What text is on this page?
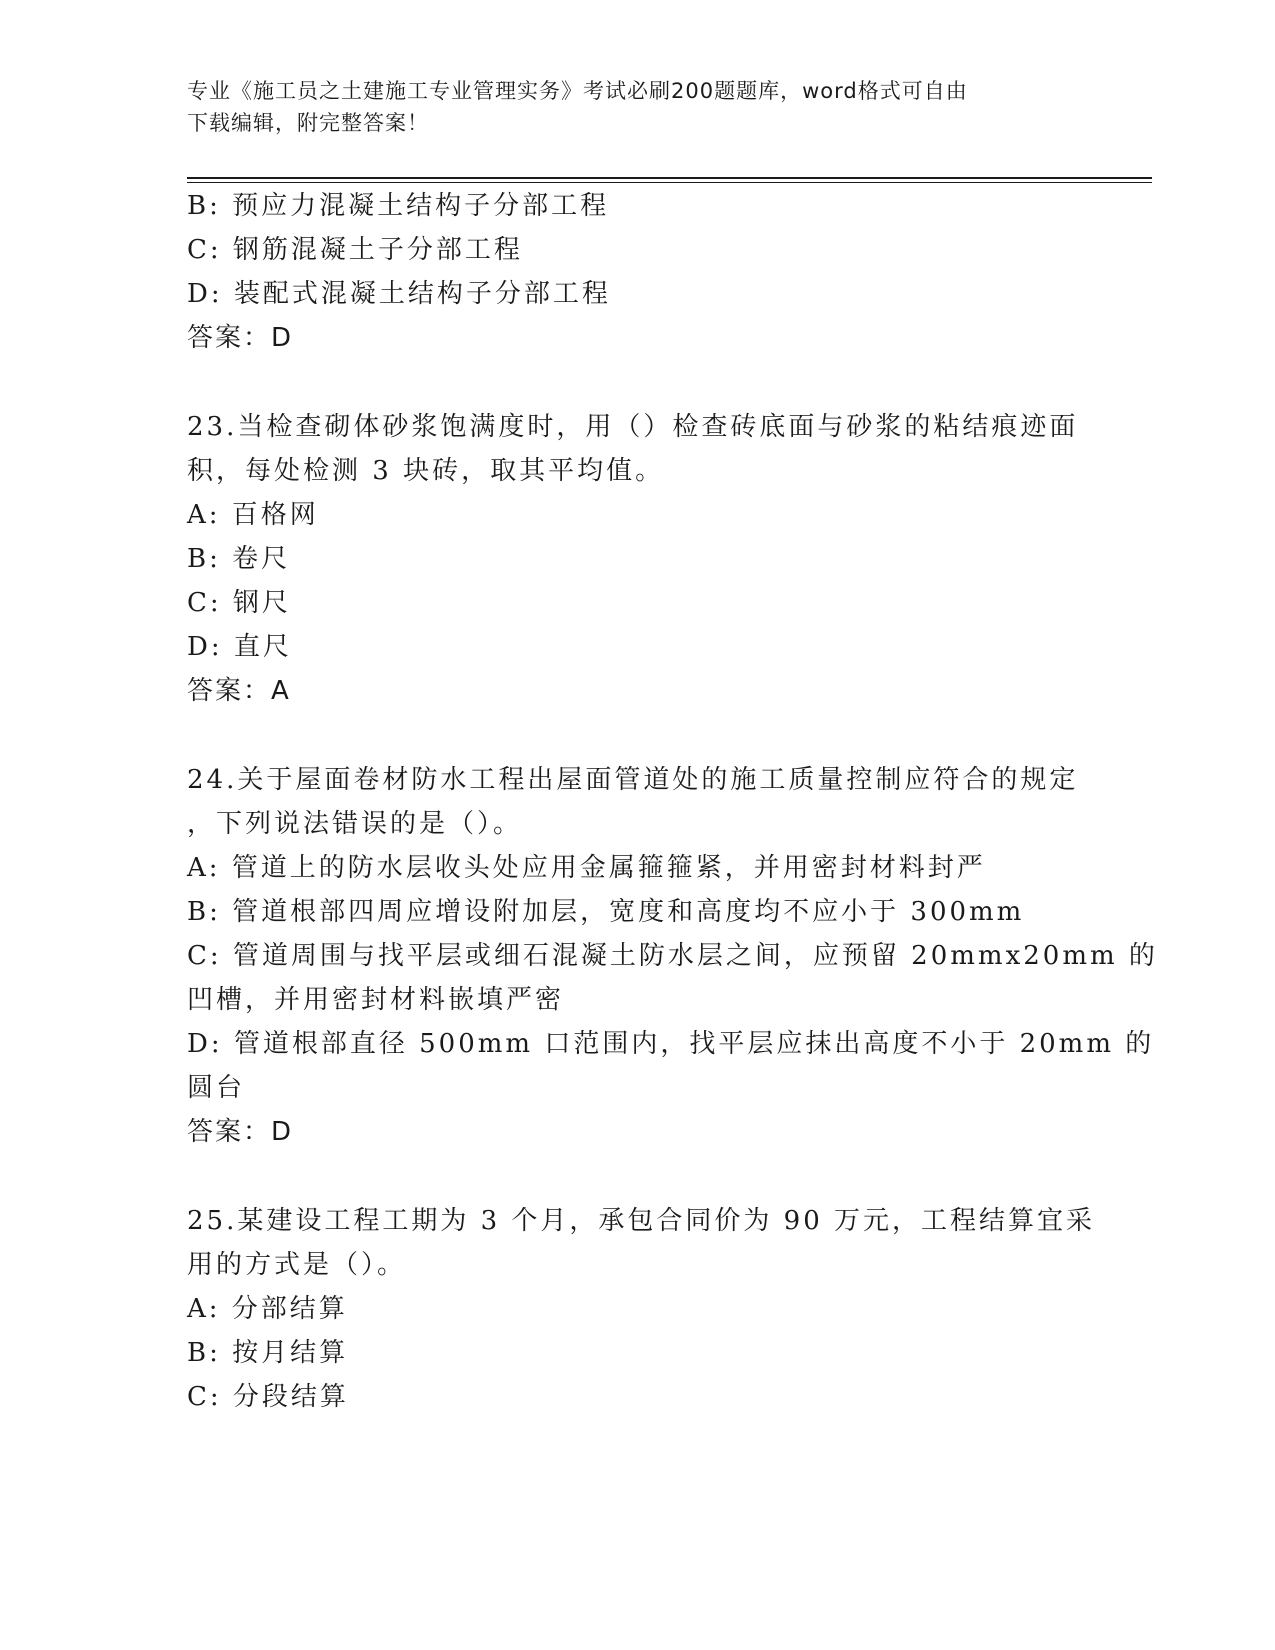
专业《施工员之土建施工专业管理实务》考试必刷200题题库，word格式可自由
下载编辑，附完整答案！
B: 预应力混凝土结构子分部工程
C: 钢筋混凝土子分部工程
D: 装配式混凝土结构子分部工程
答案：D
23.当检查砌体砂浆饱满度时，用（）检查砖底面与砂浆的粘结痕迹面
积，每处检测 3 块砖，取其平均值。
A: 百格网
B: 卷尺
C: 钢尺
D: 直尺
答案：A
24.关于屋面卷材防水工程出屋面管道处的施工质量控制应符合的规定
，下列说法错误的是（）。
A: 管道上的防水层收头处应用金属箍箍紧，并用密封材料封严
B: 管道根部四周应增设附加层，宽度和高度均不应小于 300mm
C: 管道周围与找平层或细石混凝土防水层之间，应预留 20mmx20mm 的
凹槽，并用密封材料嵌填严密
D: 管道根部直径 500mm 口范围内，找平层应抹出高度不小于 20mm 的
圆台
答案：D
25.某建设工程工期为 3 个月，承包合同价为 90 万元，工程结算宜采
用的方式是（）。
A: 分部结算
B: 按月结算
C: 分段结算
